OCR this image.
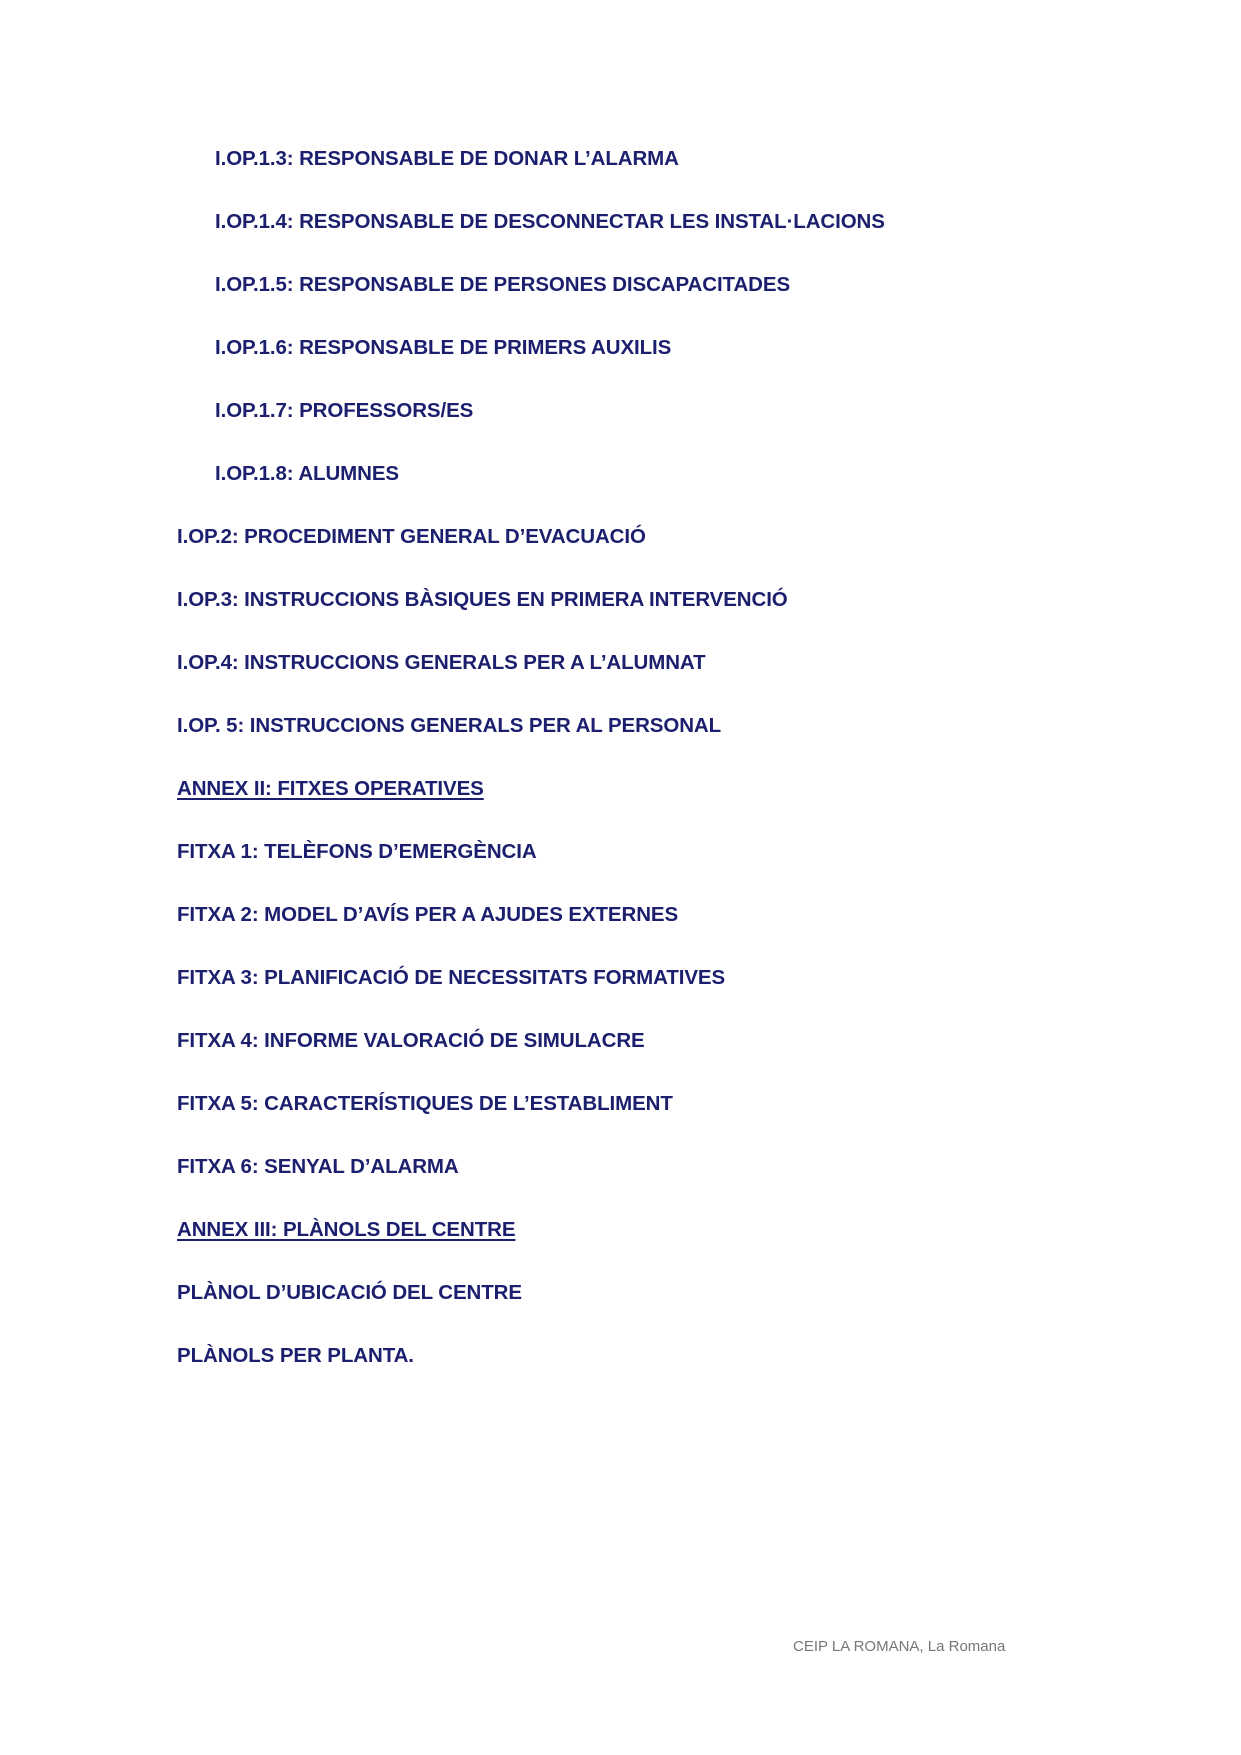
I.OP.1.3: RESPONSABLE DE DONAR L’ALARMA
I.OP.1.4: RESPONSABLE DE DESCONNECTAR LES INSTAL·LACIONS
I.OP.1.5: RESPONSABLE DE PERSONES DISCAPACITADES
I.OP.1.6: RESPONSABLE DE PRIMERS AUXILIS
I.OP.1.7: PROFESSORS/ES
I.OP.1.8: ALUMNES
I.OP.2: PROCEDIMENT GENERAL D’EVACUACIÓ
I.OP.3: INSTRUCCIONS BÀSIQUES EN PRIMERA INTERVENCIÓ
I.OP.4: INSTRUCCIONS GENERALS PER A L’ALUMNAT
I.OP. 5: INSTRUCCIONS GENERALS PER AL PERSONAL
ANNEX II: FITXES OPERATIVES
FITXA 1: TELÈFONS D’EMERGÈNCIA
FITXA 2: MODEL D’AVÍS PER A AJUDES EXTERNES
FITXA 3: PLANIFICACIÓ DE NECESSITATS FORMATIVES
FITXA 4: INFORME VALORACIÓ DE SIMULACRE
FITXA 5: CARACTERÍSTIQUES DE L’ESTABLIMENT
FITXA 6: SENYAL D’ALARMA
ANNEX III: PLÀNOLS DEL CENTRE
PLÀNOL D’UBICACIÓ DEL CENTRE
PLÀNOLS PER PLANTA.
CEIP LA ROMANA, La Romana
